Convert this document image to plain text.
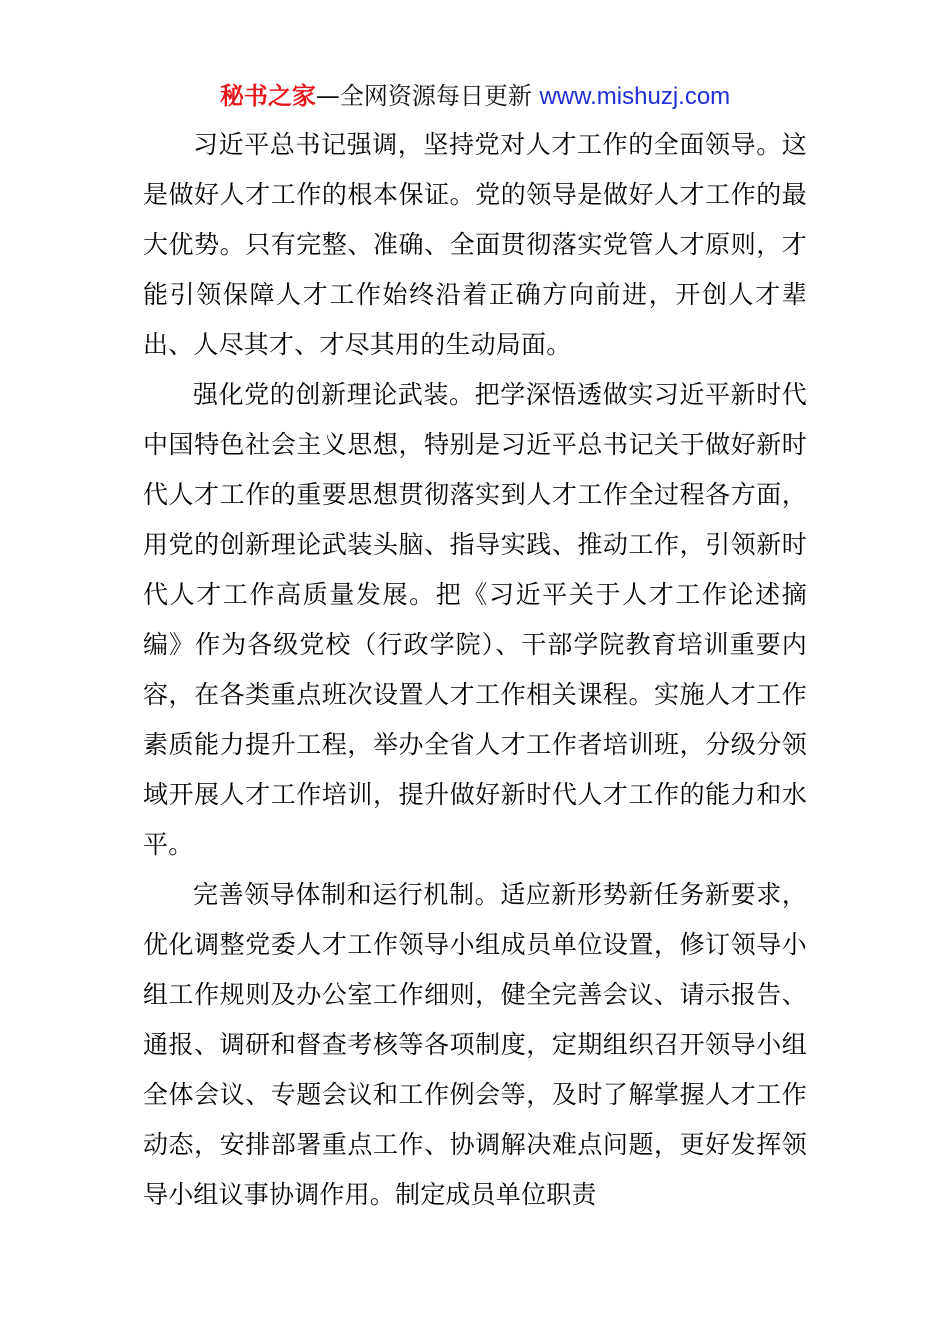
秘书之家—全网资源每日更新 www.mishuzj.com

习近平总书记强调，坚持党对人才工作的全面领导。这是做好人才工作的根本保证。党的领导是做好人才工作的最大优势。只有完整、准确、全面贯彻落实党管人才原则，才能引领保障人才工作始终沿着正确方向前进，开创人才辈出、人尽其才、才尽其用的生动局面。

强化党的创新理论武装。把学深悟透做实习近平新时代中国特色社会主义思想，特别是习近平总书记关于做好新时代人才工作的重要思想贯彻落实到人才工作全过程各方面，用党的创新理论武装头脑、指导实践、推动工作，引领新时代人才工作高质量发展。把《习近平关于人才工作论述摘编》作为各级党校（行政学院）、干部学院教育培训重要内容，在各类重点班次设置人才工作相关课程。实施人才工作素质能力提升工程，举办全省人才工作者培训班，分级分领域开展人才工作培训，提升做好新时代人才工作的能力和水平。

完善领导体制和运行机制。适应新形势新任务新要求，优化调整党委人才工作领导小组成员单位设置，修订领导小组工作规则及办公室工作细则，健全完善会议、请示报告、通报、调研和督查考核等各项制度，定期组织召开领导小组全体会议、专题会议和工作例会等，及时了解掌握人才工作动态，安排部署重点工作、协调解决难点问题，更好发挥领导小组议事协调作用。制定成员单位职责
